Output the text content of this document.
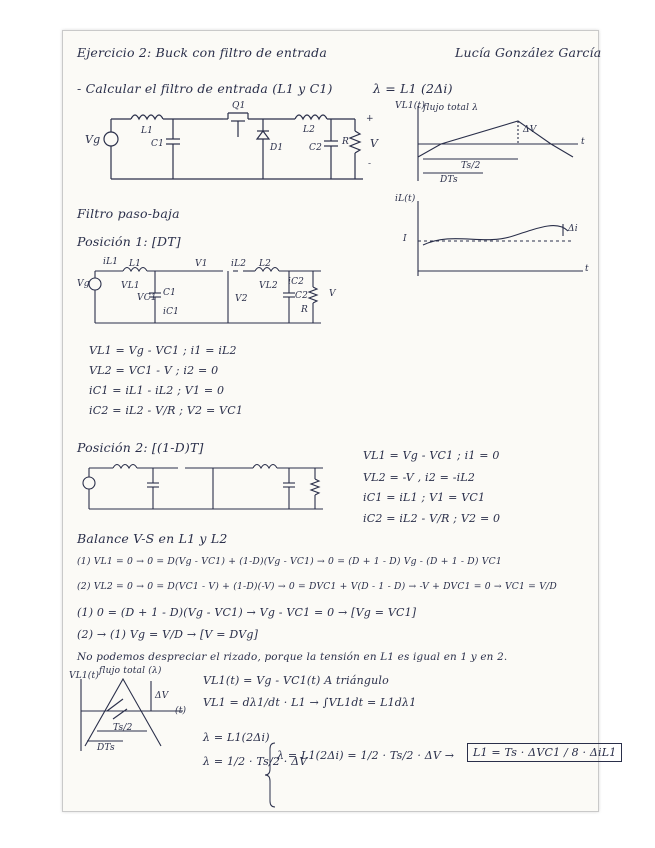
Ejercicio 2: Buck con filtro de entrada	Lucía González García
- Calcular el filtro de entrada (L1 y C1)	λ = L1 (2Δi)
Vg
L1
C1
Q1
D1
L2
C2
R V
+
-
VL1(t)
flujo total λ
ΔV
Ts/2
DTs
t
iL(t)
I
Δi
t
Filtro paso-baja
Posición 1: [DT]
iL1 L1
VL1
VC1 C1
iC1
V1	iL2 L2
VL2
V2
iC2
C2
R
V
Vg
VL1 = Vg - VC1 ; i1 = iL2
VL2 = VC1 - V ; i2 = 0
iC1 = iL1 - iL2 ; V1 = 0
iC2 = iL2 - V/R ; V2 = VC1
Posición 2: [(1-D)T]
VL1 = Vg - VC1 ; i1 = 0
VL2 = -V , i2 = -iL2
iC1 = iL1 ; V1 = VC1
iC2 = iL2 - V/R ; V2 = 0
Balance V-S en L1 y L2
(1) VL1 = 0 → 0 = D(Vg - VC1) + (1-D)(Vg - VC1) → 0 = (D + 1 - D) Vg - (D + 1 - D) VC1
(2) VL2 = 0 → 0 = D(VC1 - V) + (1-D)(-V) → 0 = DVC1 + V(D - 1 - D) → -V + DVC1 = 0 → VC1 = V/D
(1) 0 = (D + 1 - D)(Vg - VC1) → Vg - VC1 = 0 → [Vg = VC1]
(2) → (1) Vg = V/D → [V = DVg]
No podemos despreciar el rizado, porque la tensión en L1 es igual en 1 y en 2.
VL1(t) flujo total (λ)
ΔV
Ts/2
DTs
(t)
VL1(t) = Vg - VC1(t) A triángulo
VL1 = dλ1/dt · L1 → ∫VL1dt = L1dλ1
λ = L1(2Δi)
λ = 1/2 · Ts/2 · ΔV
λ = L1(2Δi) = 1/2 · Ts/2 · ΔV →	L1 = Ts · ΔVC1 / 8 · ΔiL1
